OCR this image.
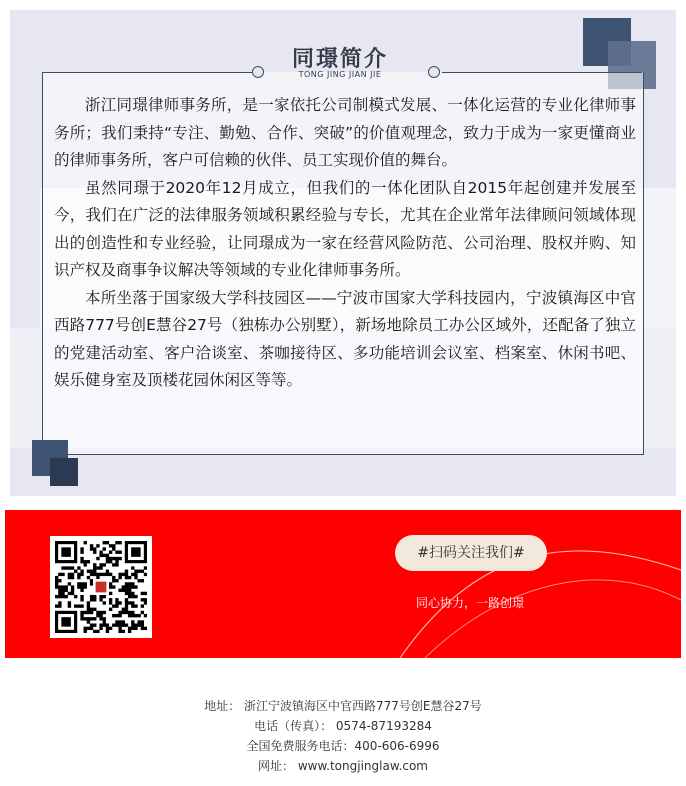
同璟简介
TONG JING JIAN JIE

浙江同璟律师事务所，是一家依托公司制模式发展、一体化运营的专业化律师事务所；我们秉持“专注、勤勉、合作、突破”的价值观理念，致力于成为一家更懂商业的律师事务所，客户可信赖的伙伴、员工实现价值的舞台。

虽然同璟于2020年12月成立，但我们的一体化团队自2015年起创建并发展至今，我们在广泛的法律服务领域积累经验与专长，尤其在企业常年法律顾问领域体现出的创造性和专业经验，让同璟成为一家在经营风险防范、公司治理、股权并购、知识产权及商事争议解决等领域的专业化律师事务所。

本所坐落于国家级大学科技园区——宁波市国家大学科技园内，宁波镇海区中官西路777号创E慧谷27号（独栋办公别墅），新场地除员工办公区域外，还配备了独立的党建活动室、客户洽谈室、茶咖接待区、多功能培训会议室、档案室、休闲书吧、娱乐健身室及顶楼花园休闲区等等。

#扫码关注我们#
同心协力，一路创璟
地址： 浙江宁波镇海区中官西路777号创E慧谷27号
电话（传真）： 0574-87193284
全国免费服务电话：400-606-6996
网址： www.tongjinglaw.com
